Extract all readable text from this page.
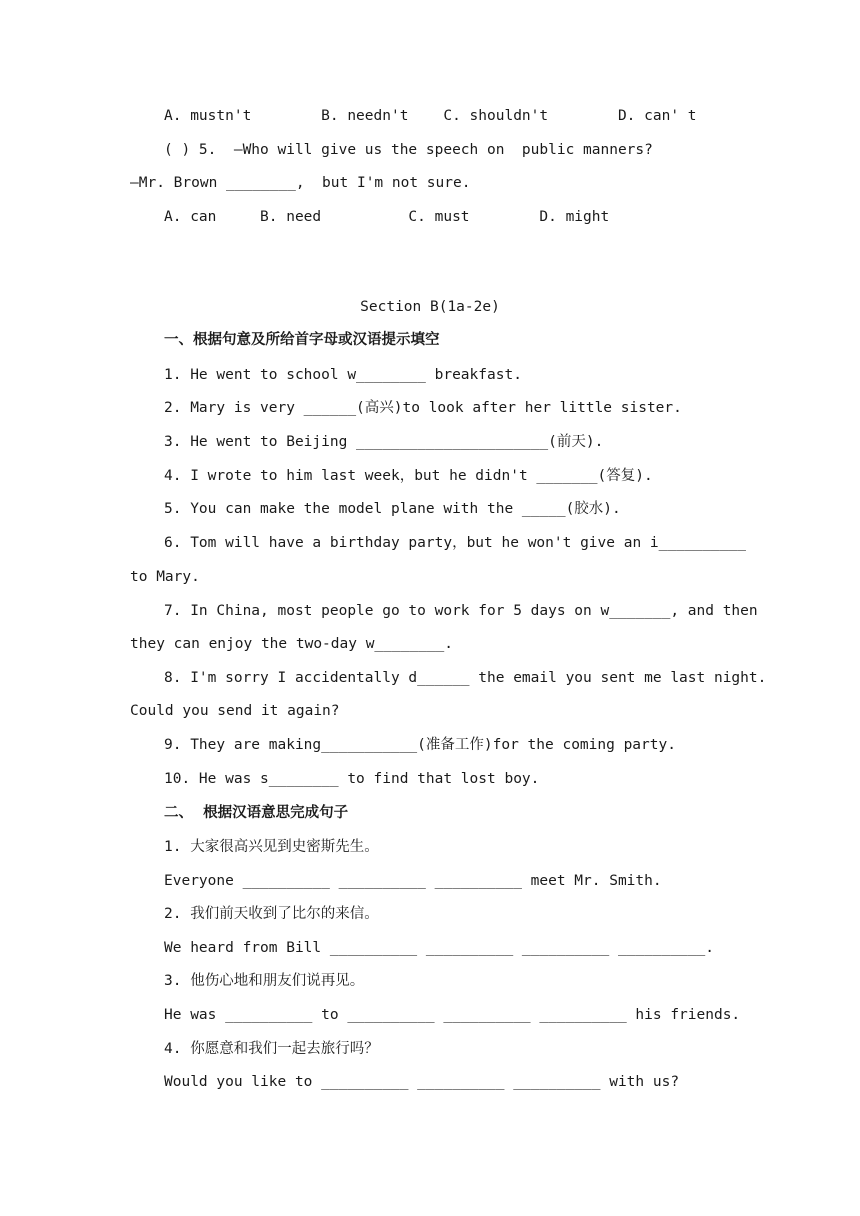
A. mustn't        B. needn't    C. shouldn't        D. can' t
( ) 5.  —Who will give us the speech on  public manners?
—Mr. Brown ________,  but I'm not sure.
A. can     B. need          C. must        D. might
Section B(1a-2e)
一、根据句意及所给首字母或汉语提示填空
1. He went to school w________ breakfast.
2. Mary is very ______(高兴)to look after her little sister.
3. He went to Beijing ______________________(前天).
4. I wrote to him last week，but he didn't _______(答复).
5. You can make the model plane with the _____(胶水).
6. Tom will have a birthday party，but he won't give an i__________
to Mary.
7. In China, most people go to work for 5 days on w_______, and then
they can enjoy the two-day w________.
8. I'm sorry I accidentally d______ the email you sent me last night.
Could you send it again?
9. They are making___________(准备工作)for the coming party.
10. He was s________ to find that lost boy.
二、  根据汉语意思完成句子
1. 大家很高兴见到史密斯先生。
Everyone __________ __________ __________ meet Mr. Smith.
2. 我们前天收到了比尔的来信。
We heard from Bill __________ __________ __________ __________.
3. 他伤心地和朋友们说再见。
He was __________ to __________ __________ __________ his friends.
4. 你愿意和我们一起去旅行吗？
Would you like to __________ __________ __________ with us?
